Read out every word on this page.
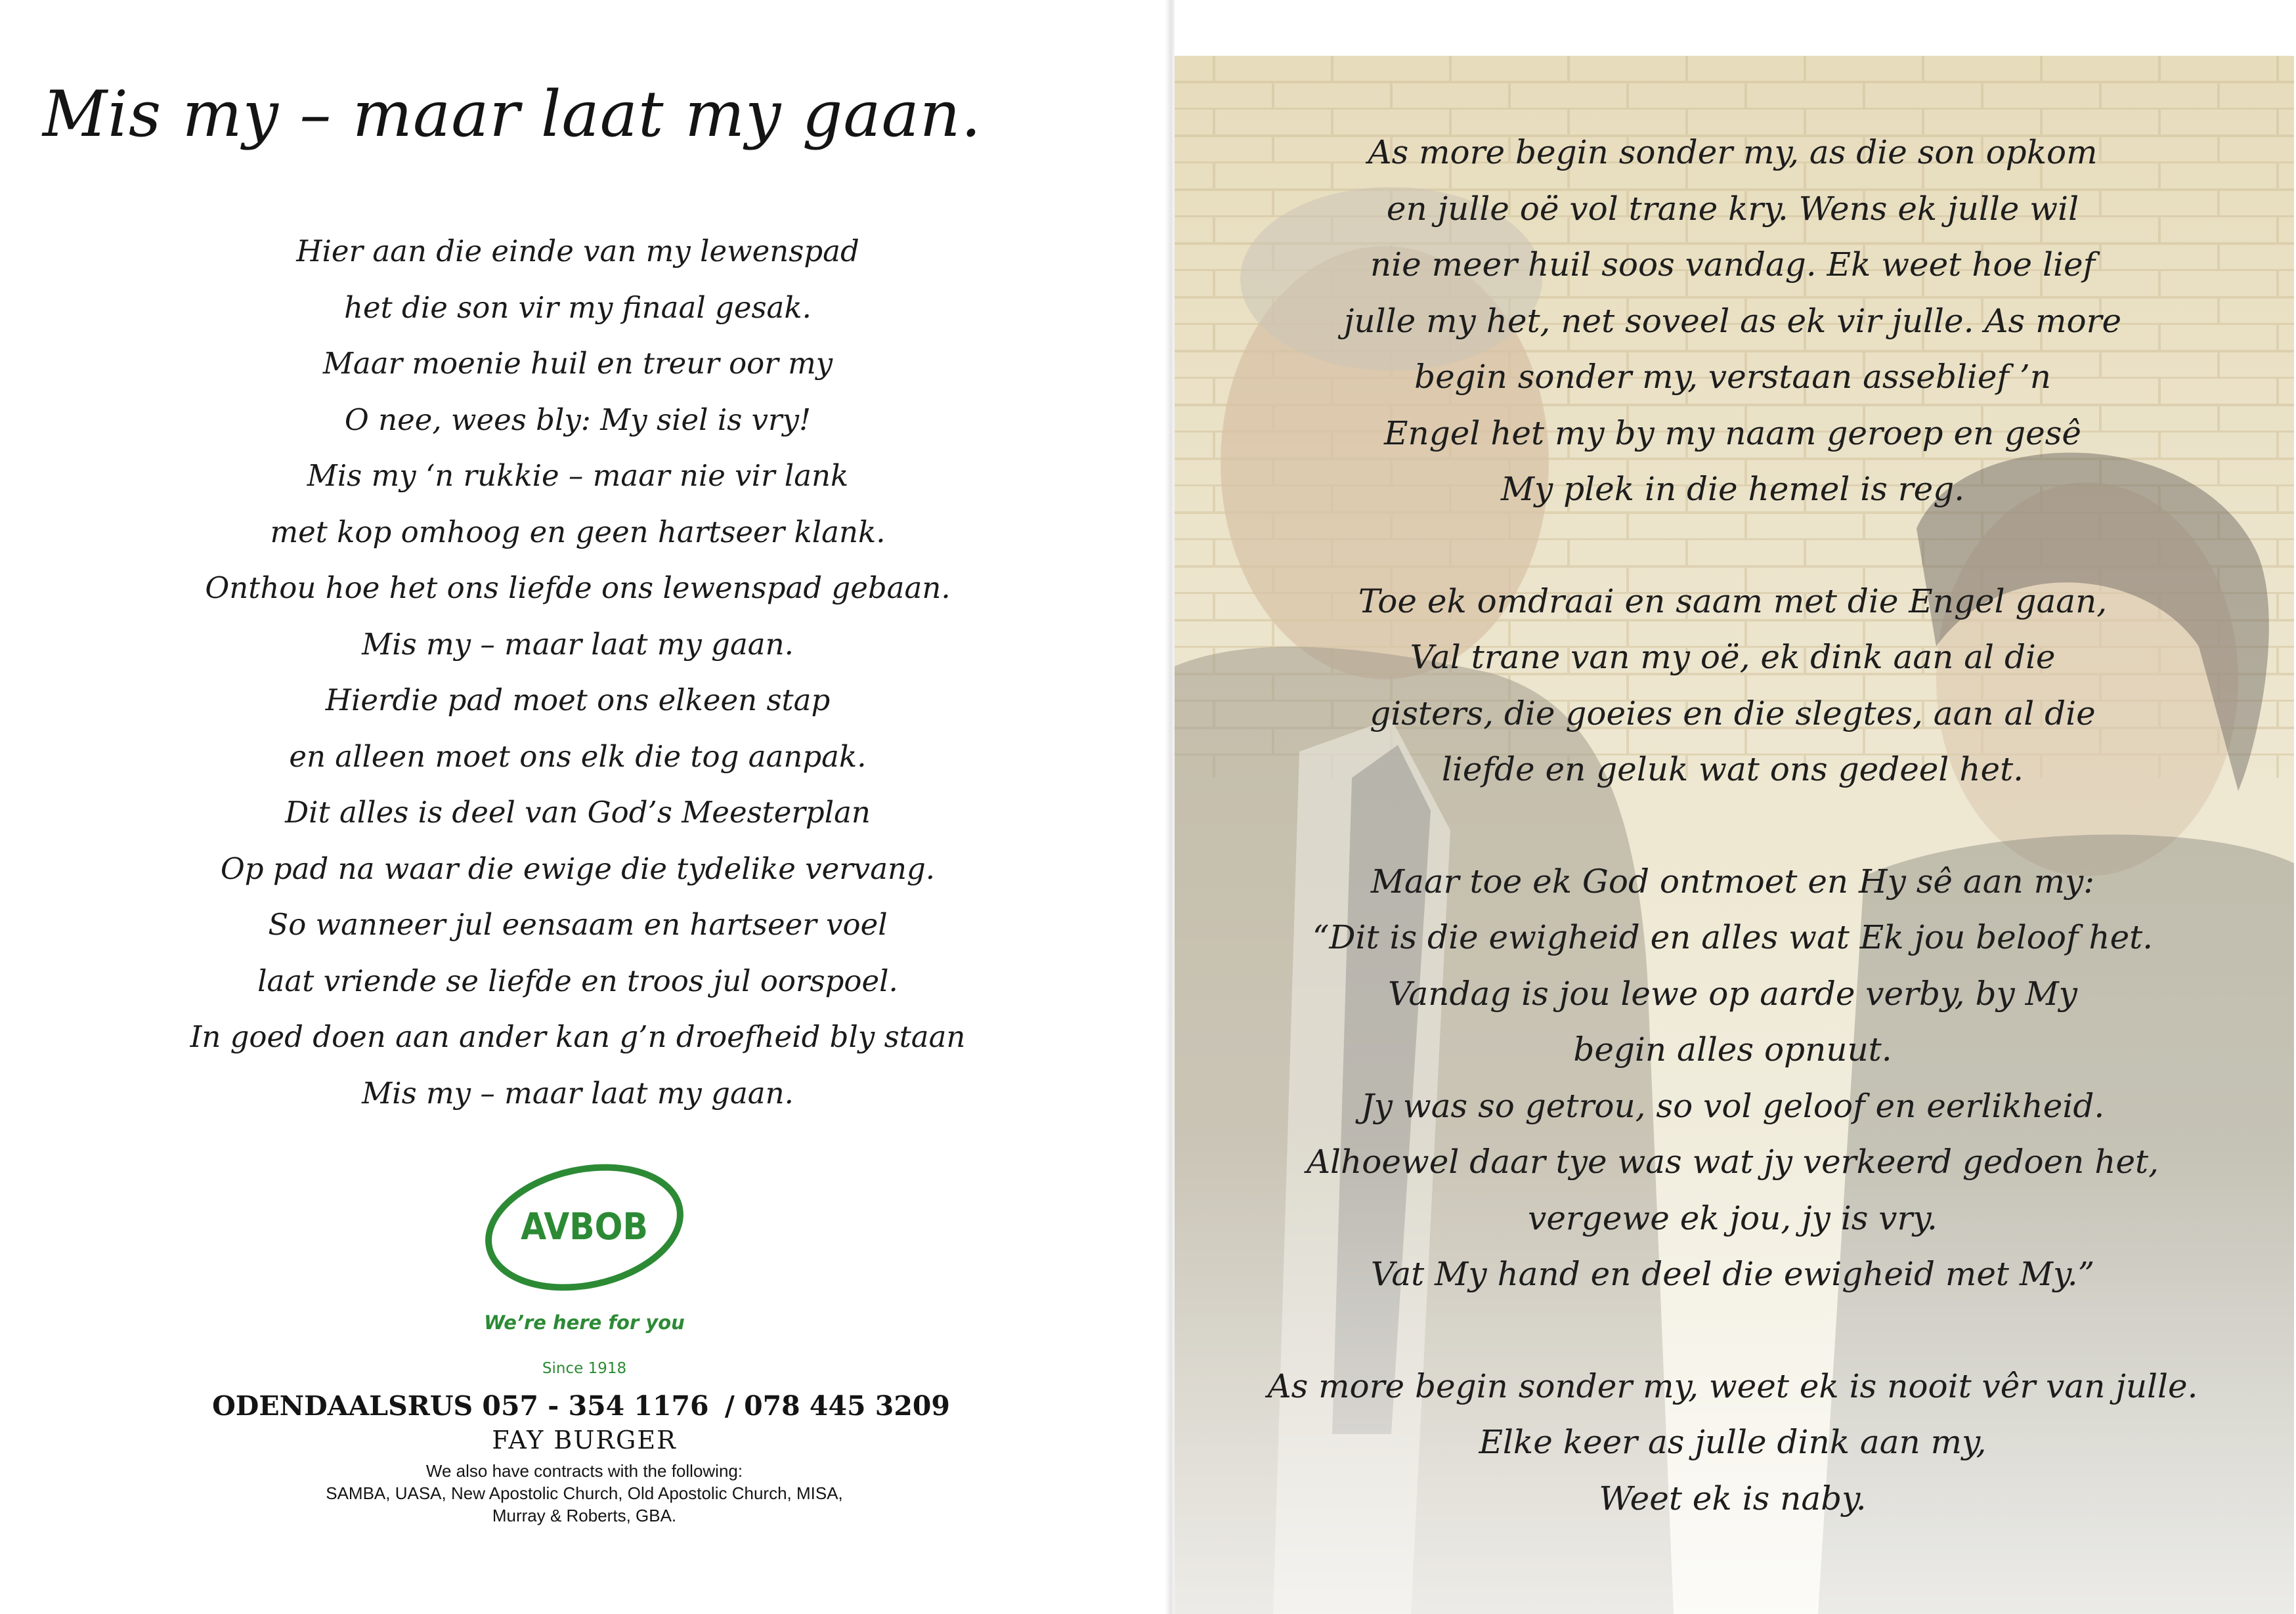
Mis my – maar laat my gaan.
Hier aan die einde van my lewenspad
het die son vir my finaal gesak.
Maar moenie huil en treur oor my
O nee, wees bly: My siel is vry!
Mis my ‘n rukkie – maar nie vir lank
met kop omhoog en geen hartseer klank.
Onthou hoe het ons liefde ons lewenspad gebaan.
Mis my – maar laat my gaan.
Hierdie pad moet ons elkeen stap
en alleen moet ons elk die tog aanpak.
Dit alles is deel van God’s Meesterplan
Op pad na waar die ewige die tydelike vervang.
So wanneer jul eensaam en hartseer voel
laat vriende se liefde en troos jul oorspoel.
In goed doen aan ander kan g’n droefheid bly staan
Mis my – maar laat my gaan.
AVBOB
We’re here for you
Since 1918
ODENDAALSRUS 057 - 354 1176 / 078 445 3209
FAY BURGER
We also have contracts with the following:
SAMBA, UASA, New Apostolic Church, Old Apostolic Church, MISA,
Murray & Roberts, GBA.
As more begin sonder my, as die son opkom
en julle oë vol trane kry. Wens ek julle wil
nie meer huil soos vandag. Ek weet hoe lief
julle my het, net soveel as ek vir julle. As more
begin sonder my, verstaan asseblief ’n
Engel het my by my naam geroep en gesê
My plek in die hemel is reg.
Toe ek omdraai en saam met die Engel gaan,
Val trane van my oë, ek dink aan al die
gisters, die goeies en die slegtes, aan al die
liefde en geluk wat ons gedeel het.
Maar toe ek God ontmoet en Hy sê aan my:
“Dit is die ewigheid en alles wat Ek jou beloof het.
Vandag is jou lewe op aarde verby, by My
begin alles opnuut.
Jy was so getrou, so vol geloof en eerlikheid.
Alhoewel daar tye was wat jy verkeerd gedoen het,
vergewe ek jou, jy is vry.
Vat My hand en deel die ewigheid met My.”
As more begin sonder my, weet ek is nooit vêr van julle.
Elke keer as julle dink aan my,
Weet ek is naby.
